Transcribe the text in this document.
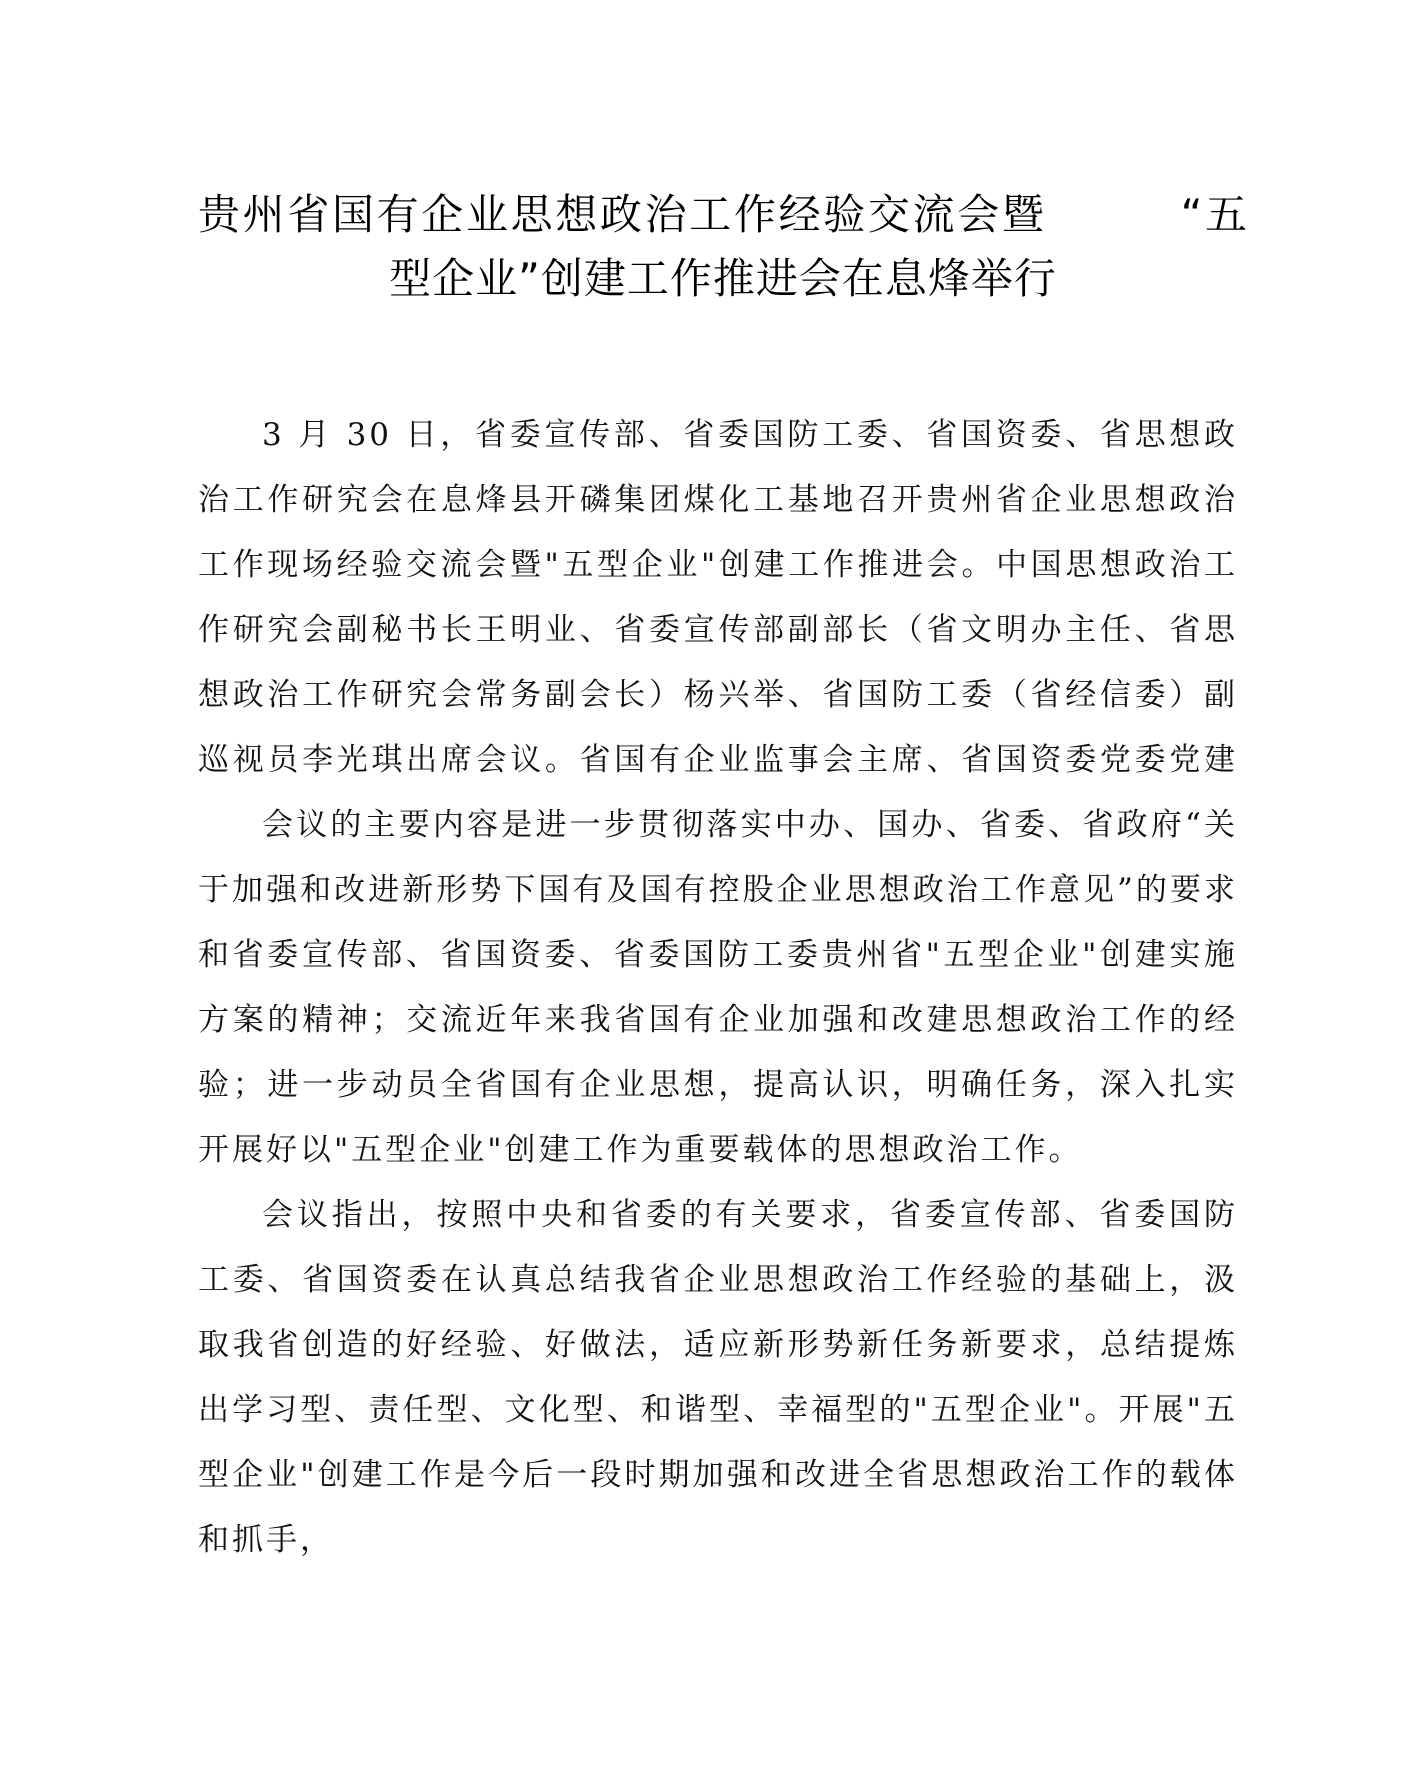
贵州省国有企业思想政治工作经验交流会暨　　　“五
型企业”创建工作推进会在息烽举行

3 月 30 日，省委宣传部、省委国防工委、省国资委、省思想政治工作研究会在息烽县开磷集团煤化工基地召开贵州省企业思想政治工作现场经验交流会暨"五型企业"创建工作推进会。中国思想政治工作研究会副秘书长王明业、省委宣传部副部长（省文明办主任、省思想政治工作研究会常务副会长）杨兴举、省国防工委（省经信委）副巡视员李光琪出席会议。省国有企业监事会主席、省国资委党委党建

会议的主要内容是进一步贯彻落实中办、国办、省委、省政府“关于加强和改进新形势下国有及国有控股企业思想政治工作意见”的要求和省委宣传部、省国资委、省委国防工委贵州省"五型企业"创建实施方案的精神；交流近年来我省国有企业加强和改建思想政治工作的经验；进一步动员全省国有企业思想，提高认识，明确任务，深入扎实开展好以"五型企业"创建工作为重要载体的思想政治工作。

会议指出，按照中央和省委的有关要求，省委宣传部、省委国防工委、省国资委在认真总结我省企业思想政治工作经验的基础上，汲取我省创造的好经验、好做法，适应新形势新任务新要求，总结提炼出学习型、责任型、文化型、和谐型、幸福型的"五型企业"。开展"五型企业"创建工作是今后一段时期加强和改进全省思想政治工作的载体和抓手，
